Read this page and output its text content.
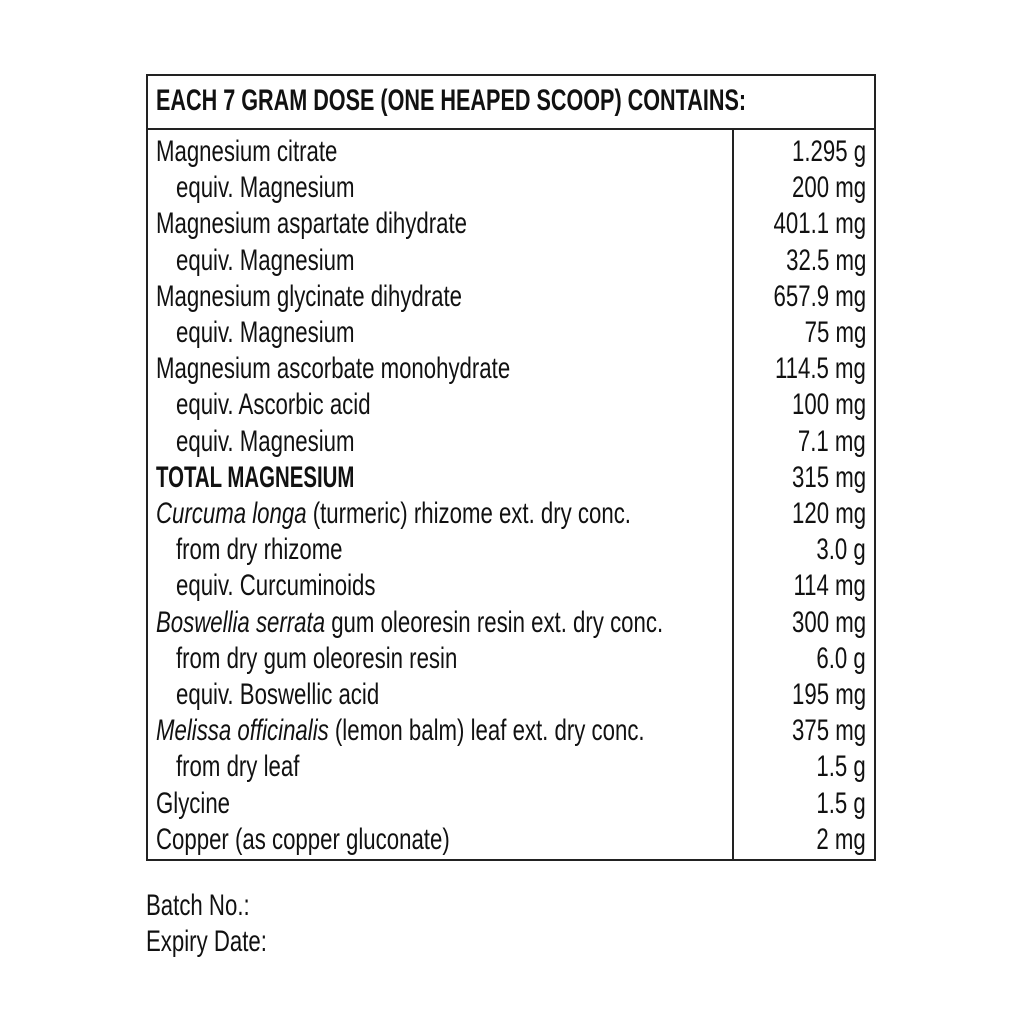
EACH 7 GRAM DOSE (ONE HEAPED SCOOP) CONTAINS:
Magnesium citrate	1.295 g
equiv. Magnesium	200 mg
Magnesium aspartate dihydrate	401.1 mg
equiv. Magnesium	32.5 mg
Magnesium glycinate dihydrate	657.9 mg
equiv. Magnesium	75 mg
Magnesium ascorbate monohydrate	114.5 mg
equiv. Ascorbic acid	100 mg
equiv. Magnesium	7.1 mg
TOTAL MAGNESIUM	315 mg
Curcuma longa (turmeric) rhizome ext. dry conc.	120 mg
from dry rhizome	3.0 g
equiv. Curcuminoids	114 mg
Boswellia serrata gum oleoresin resin ext. dry conc.	300 mg
from dry gum oleoresin resin	6.0 g
equiv. Boswellic acid	195 mg
Melissa officinalis (lemon balm) leaf ext. dry conc.	375 mg
from dry leaf	1.5 g
Glycine	1.5 g
Copper (as copper gluconate)	2 mg
Batch No.:
Expiry Date:
